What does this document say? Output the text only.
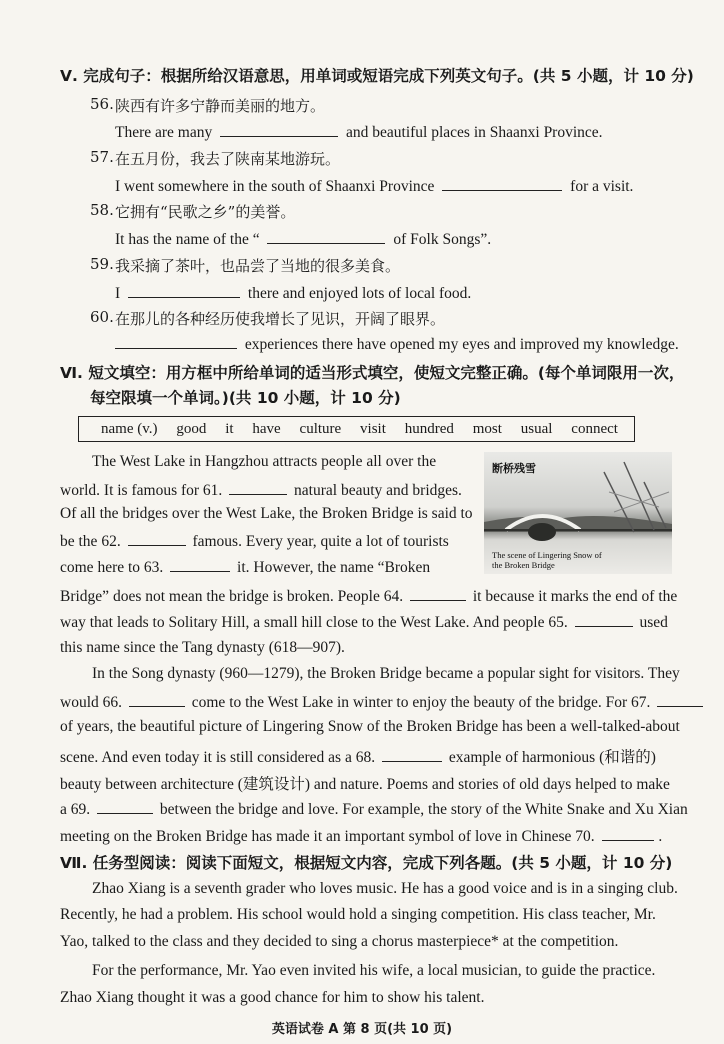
Ⅴ. 完成句子：根据所给汉语意思，用单词或短语完成下列英文句子。(共 5 小题，计 10 分)
56. 陕西有许多宁静而美丽的地方。
There are many	and beautiful places in Shaanxi Province.
57. 在五月份，我去了陕南某地游玩。
I went somewhere in the south of Shaanxi Province	for a visit.
58. 它拥有“民歌之乡”的美誉。
It has the name of the “	of Folk Songs”.
59. 我采摘了茶叶，也品尝了当地的很多美食。
I	there and enjoyed lots of local food.
60. 在那儿的各种经历使我增长了见识，开阔了眼界。
experiences there have opened my eyes and improved my knowledge.
Ⅵ. 短文填空：用方框中所给单词的适当形式填空，使短文完整正确。(每个单词限用一次，
每空限填一个单词。)(共 10 小题，计 10 分)
name (v.) good it have culture visit hundred most usual connect
断桥残雪
The scene of Lingering Snow of the Broken Bridge
The West Lake in Hangzhou attracts people all over the
world. It is famous for 61.	natural beauty and bridges.
Of all the bridges over the West Lake, the Broken Bridge is said to
be the 62.	famous. Every year, quite a lot of tourists
come here to 63.	it. However, the name “Broken
Bridge” does not mean the bridge is broken. People 64.	it because it marks the end of the
way that leads to Solitary Hill, a small hill close to the West Lake. And people 65.	used
this name since the Tang dynasty (618—907).
In the Song dynasty (960—1279), the Broken Bridge became a popular sight for visitors. They
would 66.	come to the West Lake in winter to enjoy the beauty of the bridge. For 67.
of years, the beautiful picture of Lingering Snow of the Broken Bridge has been a well-talked-about
scene. And even today it is still considered as a 68.	example of harmonious (和谐的)
beauty between architecture (建筑设计) and nature. Poems and stories of old days helped to make
a 69.	between the bridge and love. For example, the story of the White Snake and Xu Xian
meeting on the Broken Bridge has made it an important symbol of love in Chinese 70.	.
Ⅶ. 任务型阅读：阅读下面短文，根据短文内容，完成下列各题。(共 5 小题，计 10 分)
Zhao Xiang is a seventh grader who loves music. He has a good voice and is in a singing club.
Recently, he had a problem. His school would hold a singing competition. His class teacher, Mr.
Yao, talked to the class and they decided to sing a chorus masterpiece* at the competition.
For the performance, Mr. Yao even invited his wife, a local musician, to guide the practice.
Zhao Xiang thought it was a good chance for him to show his talent.
英语试卷 A 第 8 页(共 10 页)
